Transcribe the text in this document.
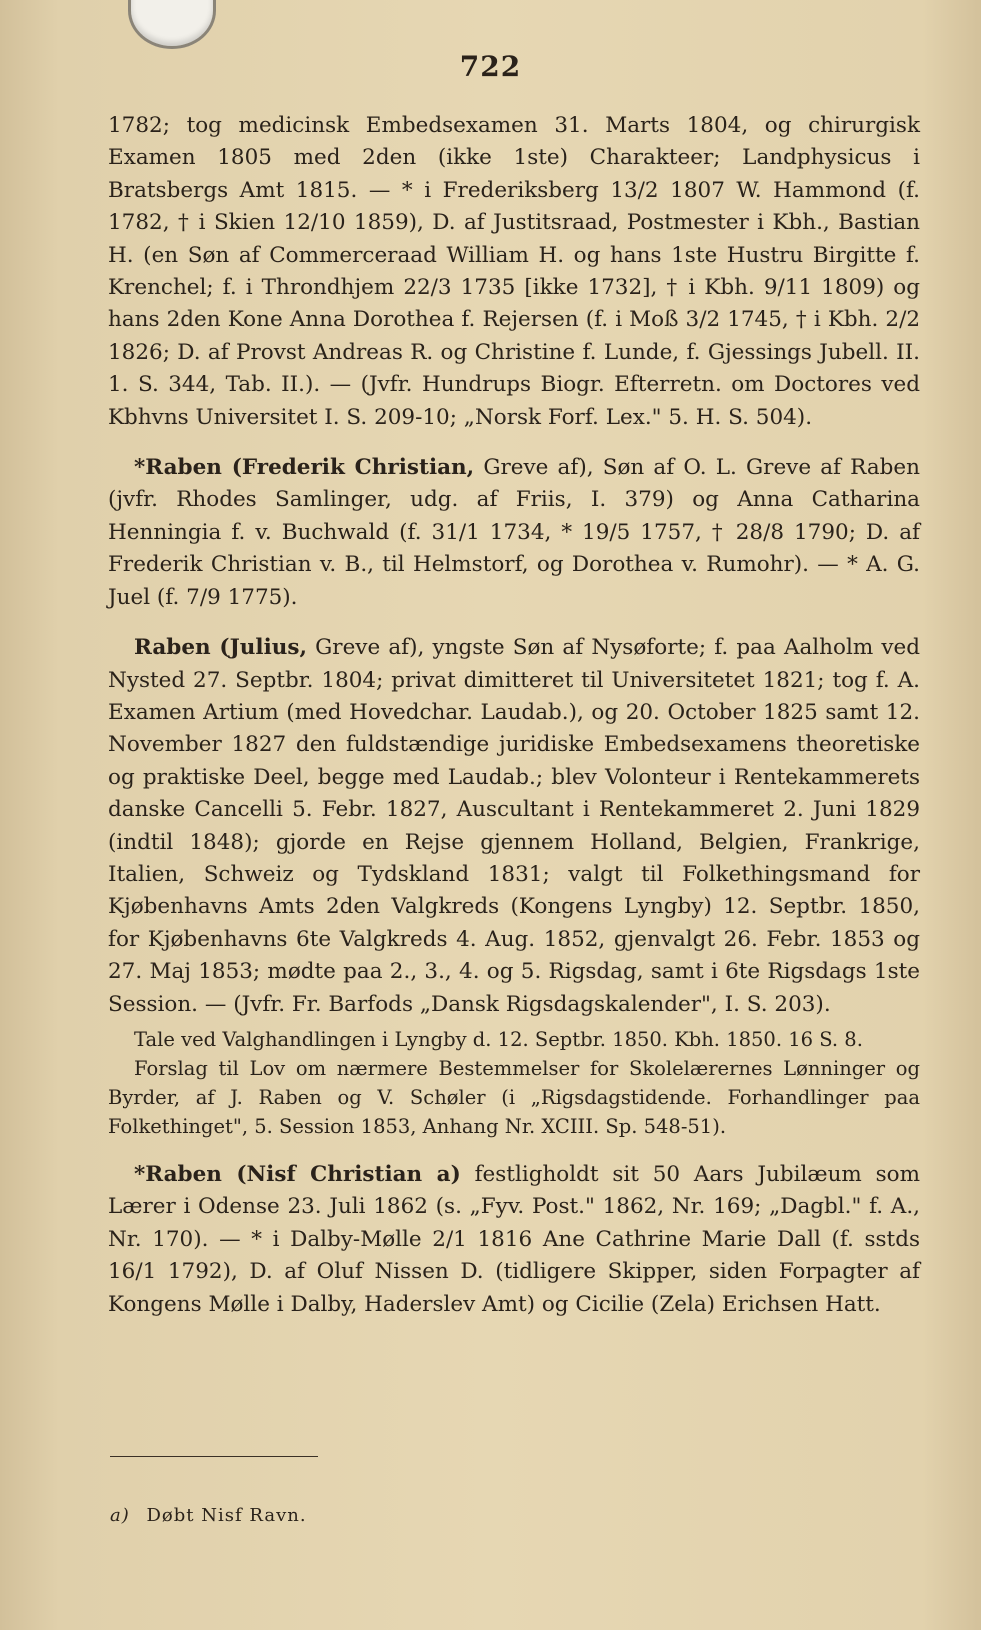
722

1782; tog medicinsk Embedsexamen 31. Marts 1804, og chirurgisk Examen 1805 med 2den (ikke 1ste) Charakteer; Landphysicus i Bratsbergs Amt 1815. — * i Frederiksberg 13/2 1807 W. Hammond (f. 1782, † i Skien 12/10 1859), D. af Justitsraad, Postmester i Kbh., Bastian H. (en Søn af Commerceraad William H. og hans 1ste Hustru Birgitte f. Krenchel; f. i Throndhjem 22/3 1735 [ikke 1732], † i Kbh. 9/11 1809) og hans 2den Kone Anna Dorothea f. Rejersen (f. i Moß 3/2 1745, † i Kbh. 2/2 1826; D. af Provst Andreas R. og Christine f. Lunde, f. Gjessings Jubell. II. 1. S. 344, Tab. II.). — (Jvfr. Hundrups Biogr. Efterretn. om Doctores ved Kbhvns Universitet I. S. 209-10; „Norsk Forf. Lex." 5. H. S. 504).

*Raben (Frederik Christian, Greve af), Søn af O. L. Greve af Raben (jvfr. Rhodes Samlinger, udg. af Friis, I. 379) og Anna Catharina Henningia f. v. Buchwald (f. 31/1 1734, * 19/5 1757, † 28/8 1790; D. af Frederik Christian v. B., til Helmstorf, og Dorothea v. Rumohr). — * A. G. Juel (f. 7/9 1775).

Raben (Julius, Greve af), yngste Søn af Nysøforte; f. paa Aalholm ved Nysted 27. Septbr. 1804; privat dimitteret til Universitetet 1821; tog f. A. Examen Artium (med Hovedchar. Laudab.), og 20. October 1825 samt 12. November 1827 den fuldstændige juridiske Embedsexamens theoretiske og praktiske Deel, begge med Laudab.; blev Volonteur i Rentekammerets danske Cancelli 5. Febr. 1827, Auscultant i Rentekammeret 2. Juni 1829 (indtil 1848); gjorde en Rejse gjennem Holland, Belgien, Frankrige, Italien, Schweiz og Tydskland 1831; valgt til Folkethingsmand for Kjøbenhavns Amts 2den Valgkreds (Kongens Lyngby) 12. Septbr. 1850, for Kjøbenhavns 6te Valgkreds 4. Aug. 1852, gjenvalgt 26. Febr. 1853 og 27. Maj 1853; mødte paa 2., 3., 4. og 5. Rigsdag, samt i 6te Rigsdags 1ste Session. — (Jvfr. Fr. Barfods „Dansk Rigsdagskalender", I. S. 203).

Tale ved Valghandlingen i Lyngby d. 12. Septbr. 1850. Kbh. 1850. 16 S. 8.

Forslag til Lov om nærmere Bestemmelser for Skolelærernes Lønninger og Byrder, af J. Raben og V. Schøler (i „Rigsdagstidende. Forhandlinger paa Folkethinget", 5. Session 1853, Anhang Nr. XCIII. Sp. 548-51).

*Raben (Nisf Christian a) festligholdt sit 50 Aars Jubilæum som Lærer i Odense 23. Juli 1862 (s. „Fyv. Post." 1862, Nr. 169; „Dagbl." f. A., Nr. 170). — * i Dalby-Mølle 2/1 1816 Ane Cathrine Marie Dall (f. sstds 16/1 1792), D. af Oluf Nissen D. (tidligere Skipper, siden Forpagter af Kongens Mølle i Dalby, Haderslev Amt) og Cicilie (Zela) Erichsen Hatt.

a) Døbt Nisf Ravn.
